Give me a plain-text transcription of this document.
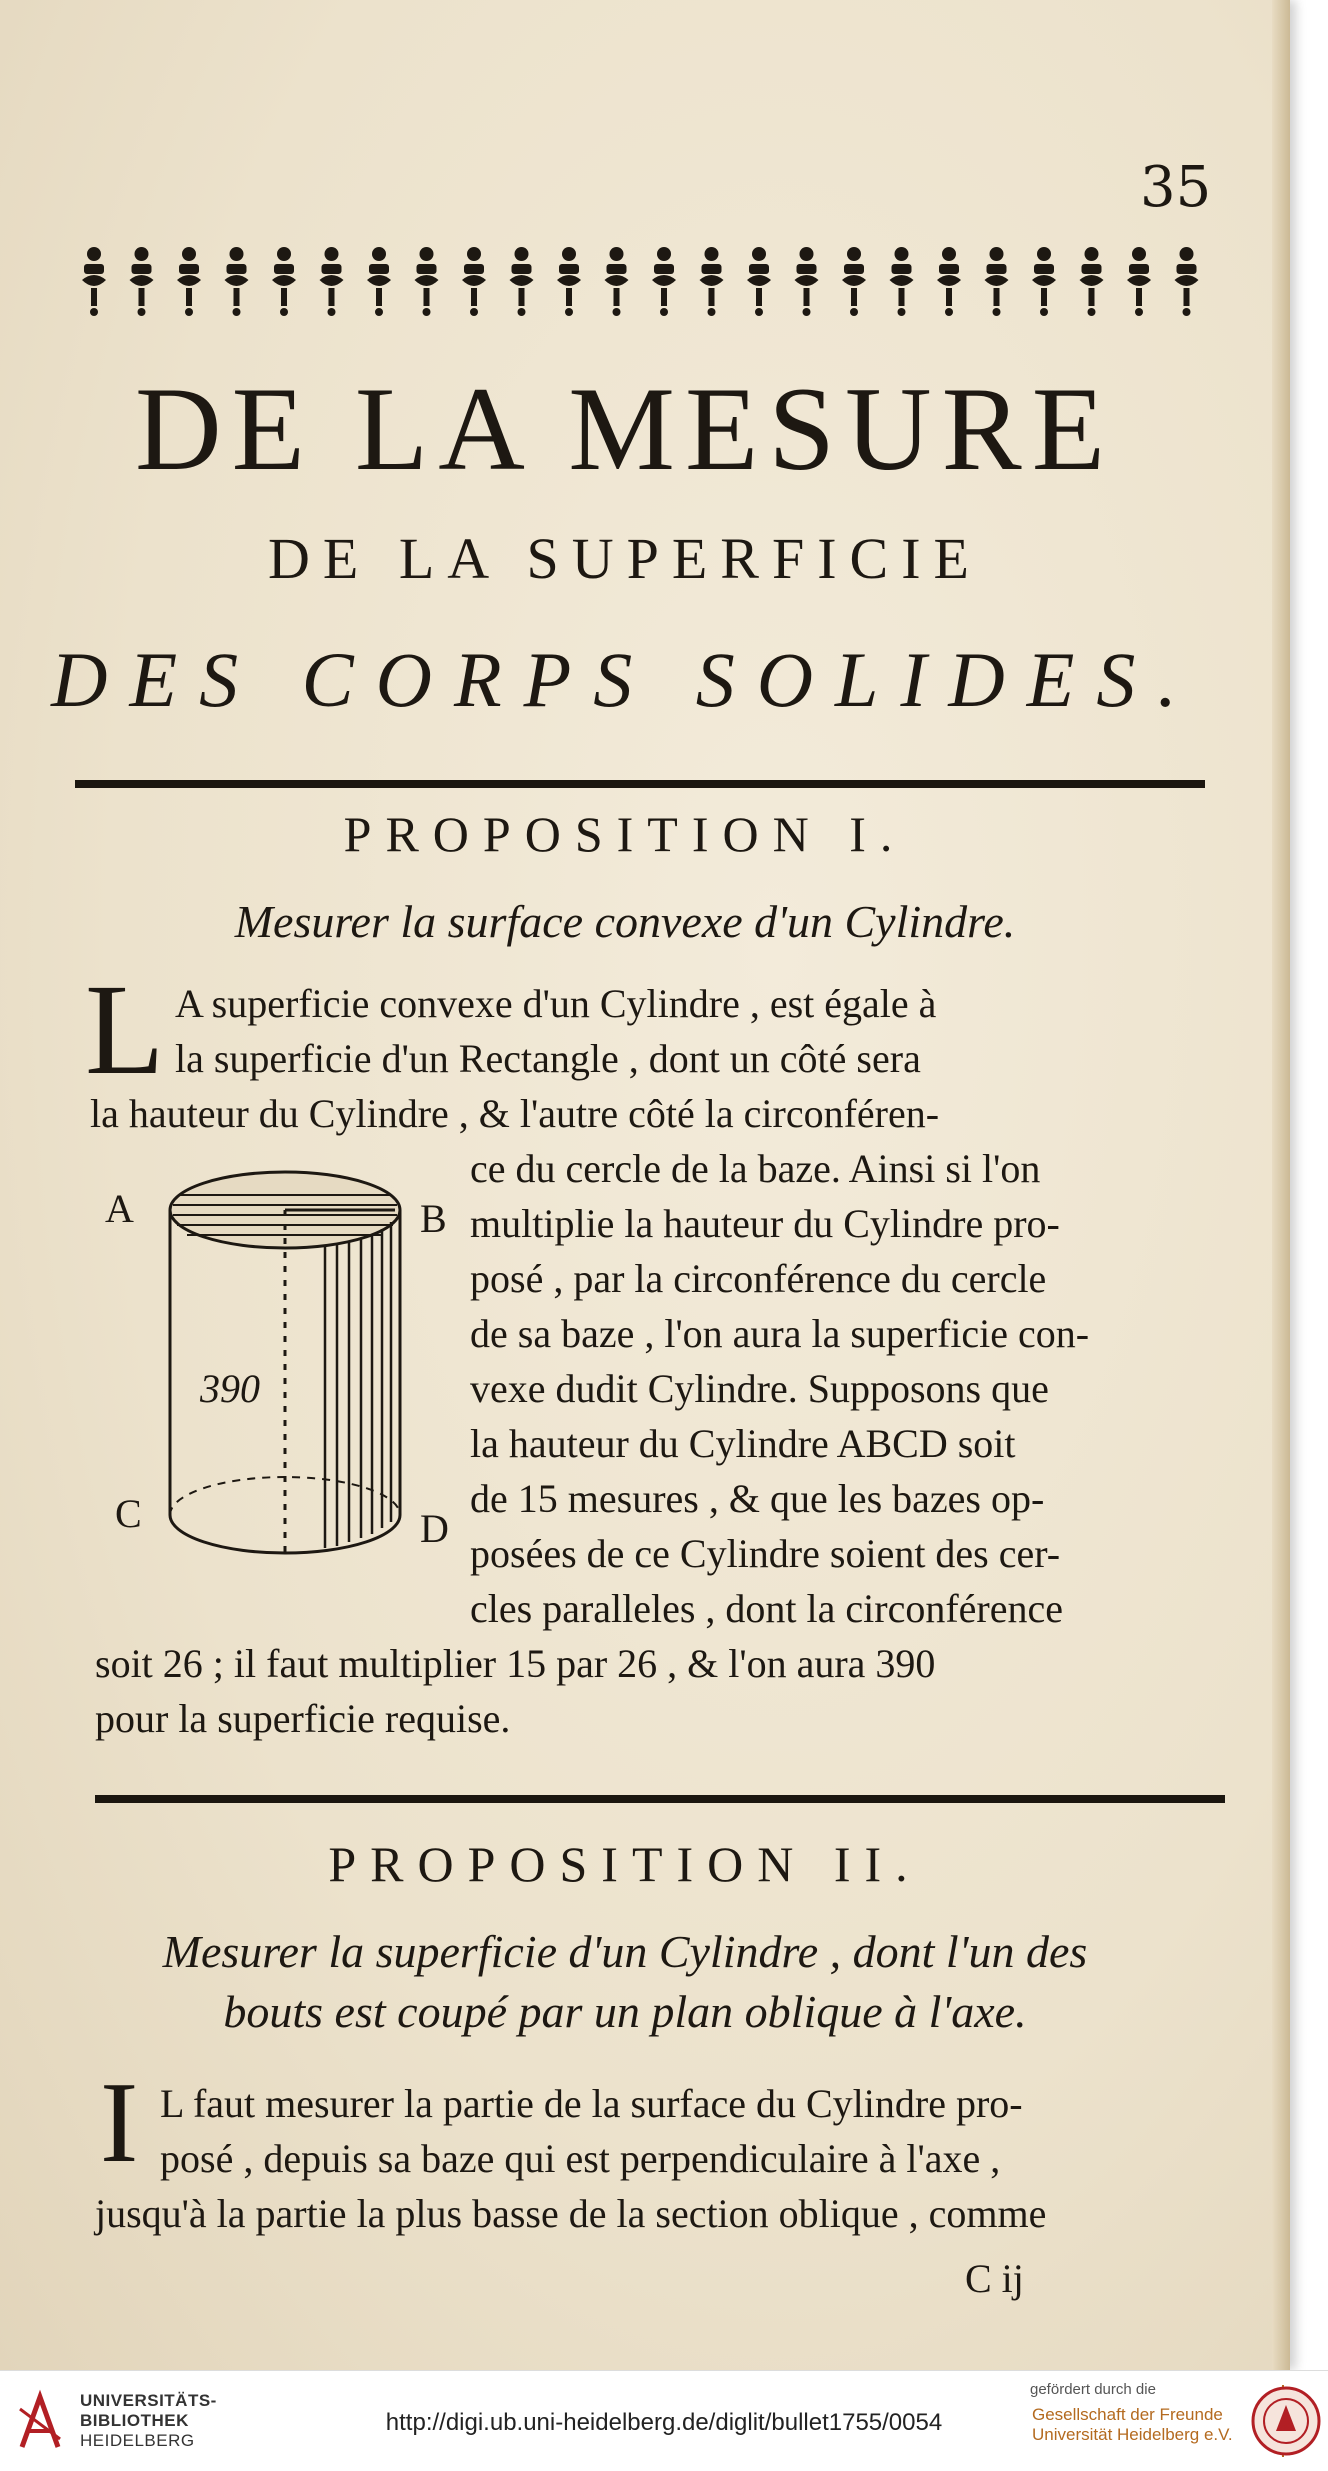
35
DE LA MESURE
DE LA SUPERFICIE
DES CORPS SOLIDES.
PROPOSITION I.
Mesurer la surface convexe d'un Cylindre.
L A superficie convexe d'un Cylindre , est égale à
la superficie d'un Rectangle , dont un côté sera
la hauteur du Cylindre , & l'autre côté la circonféren-
ce du cercle de la baze. Ainsi si l'on
multiplie la hauteur du Cylindre pro-
posé , par la circonférence du cercle
de sa baze , l'on aura la superficie con-
vexe dudit Cylindre. Supposons que
la hauteur du Cylindre ABCD soit
de 15 mesures , & que les bazes op-
posées de ce Cylindre soient des cer-
cles paralleles , dont la circonférence
soit 26 ; il faut multiplier 15 par 26 , & l'on aura 390
pour la superficie requise.
A	B
C	D
390
PROPOSITION II.
Mesurer la superficie d'un Cylindre , dont l'un des
bouts est coupé par un plan oblique à l'axe.
I L faut mesurer la partie de la surface du Cylindre pro-
posé , depuis sa baze qui est perpendiculaire à l'axe ,
jusqu'à la partie la plus basse de la section oblique , comme
C ij
UNIVERSITÄTS-
BIBLIOTHEK
HEIDELBERG
http://digi.ub.uni-heidelberg.de/diglit/bullet1755/0054
gefördert durch die
Gesellschaft der Freunde
Universität Heidelberg e.V.
